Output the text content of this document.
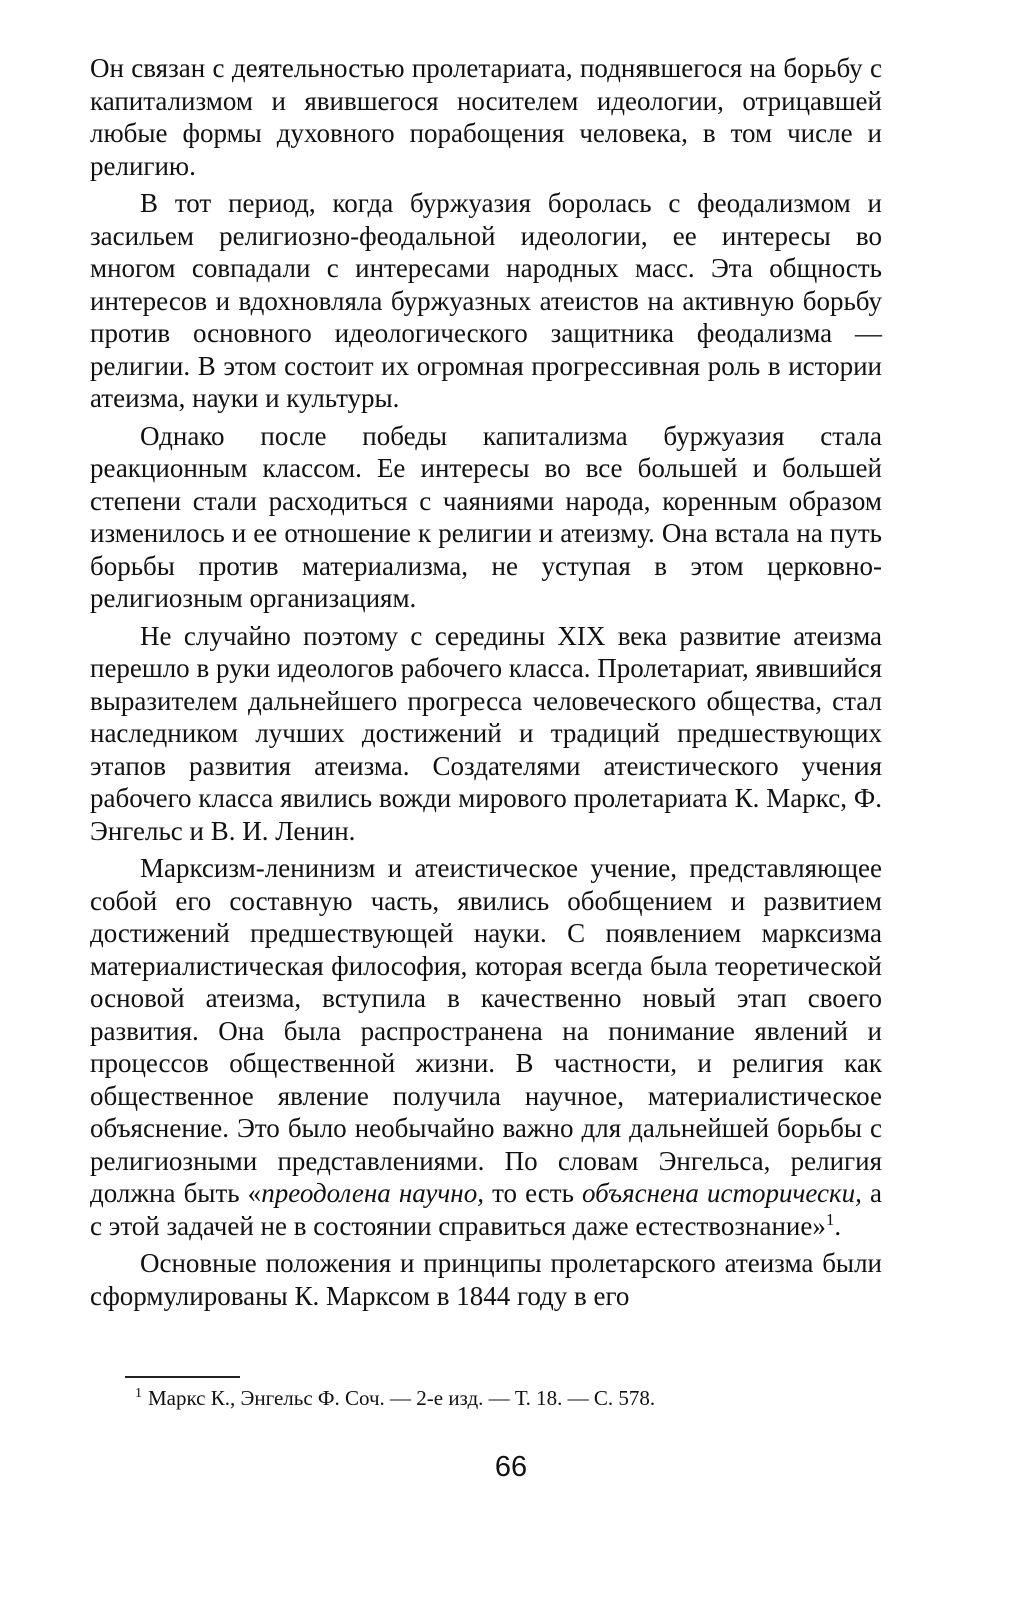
Он связан с деятельностью пролетариата, поднявшегося на борьбу с капитализмом и явившегося носителем идеологии, отрицавшей любые формы духовного порабощения человека, в том числе и религию.

В тот период, когда буржуазия боролась с феодализмом и засильем религиозно-феодальной идеологии, ее интересы во многом совпадали с интересами народных масс. Эта общность интересов и вдохновляла буржуазных атеистов на активную борьбу против основного идеологического защитника феодализма — религии. В этом состоит их огромная прогрессивная роль в истории атеизма, науки и культуры.

Однако после победы капитализма буржуазия стала реакционным классом. Ее интересы во все большей и большей степени стали расходиться с чаяниями народа, коренным образом изменилось и ее отношение к религии и атеизму. Она встала на путь борьбы против материализма, не уступая в этом церковно-религиозным организациям.

Не случайно поэтому с середины XIX века развитие атеизма перешло в руки идеологов рабочего класса. Пролетариат, явившийся выразителем дальнейшего прогресса человеческого общества, стал наследником лучших достижений и традиций предшествующих этапов развития атеизма. Создателями атеистического учения рабочего класса явились вожди мирового пролетариата К. Маркс, Ф. Энгельс и В. И. Ленин.

Марксизм-ленинизм и атеистическое учение, представляющее собой его составную часть, явились обобщением и развитием достижений предшествующей науки. С появлением марксизма материалистическая философия, которая всегда была теоретической основой атеизма, вступила в качественно новый этап своего развития. Она была распространена на понимание явлений и процессов общественной жизни. В частности, и религия как общественное явление получила научное, материалистическое объяснение. Это было необычайно важно для дальнейшей борьбы с религиозными представлениями. По словам Энгельса, религия должна быть «преодолена научно, то есть объяснена исторически, а с этой задачей не в состоянии справиться даже естествознание»$^1$.

Основные положения и принципы пролетарского атеизма были сформулированы К. Марксом в 1844 году в его

$^1$ Маркс К., Энгельс Ф. Соч. — 2-е изд. — Т. 18. — С. 578.
66
